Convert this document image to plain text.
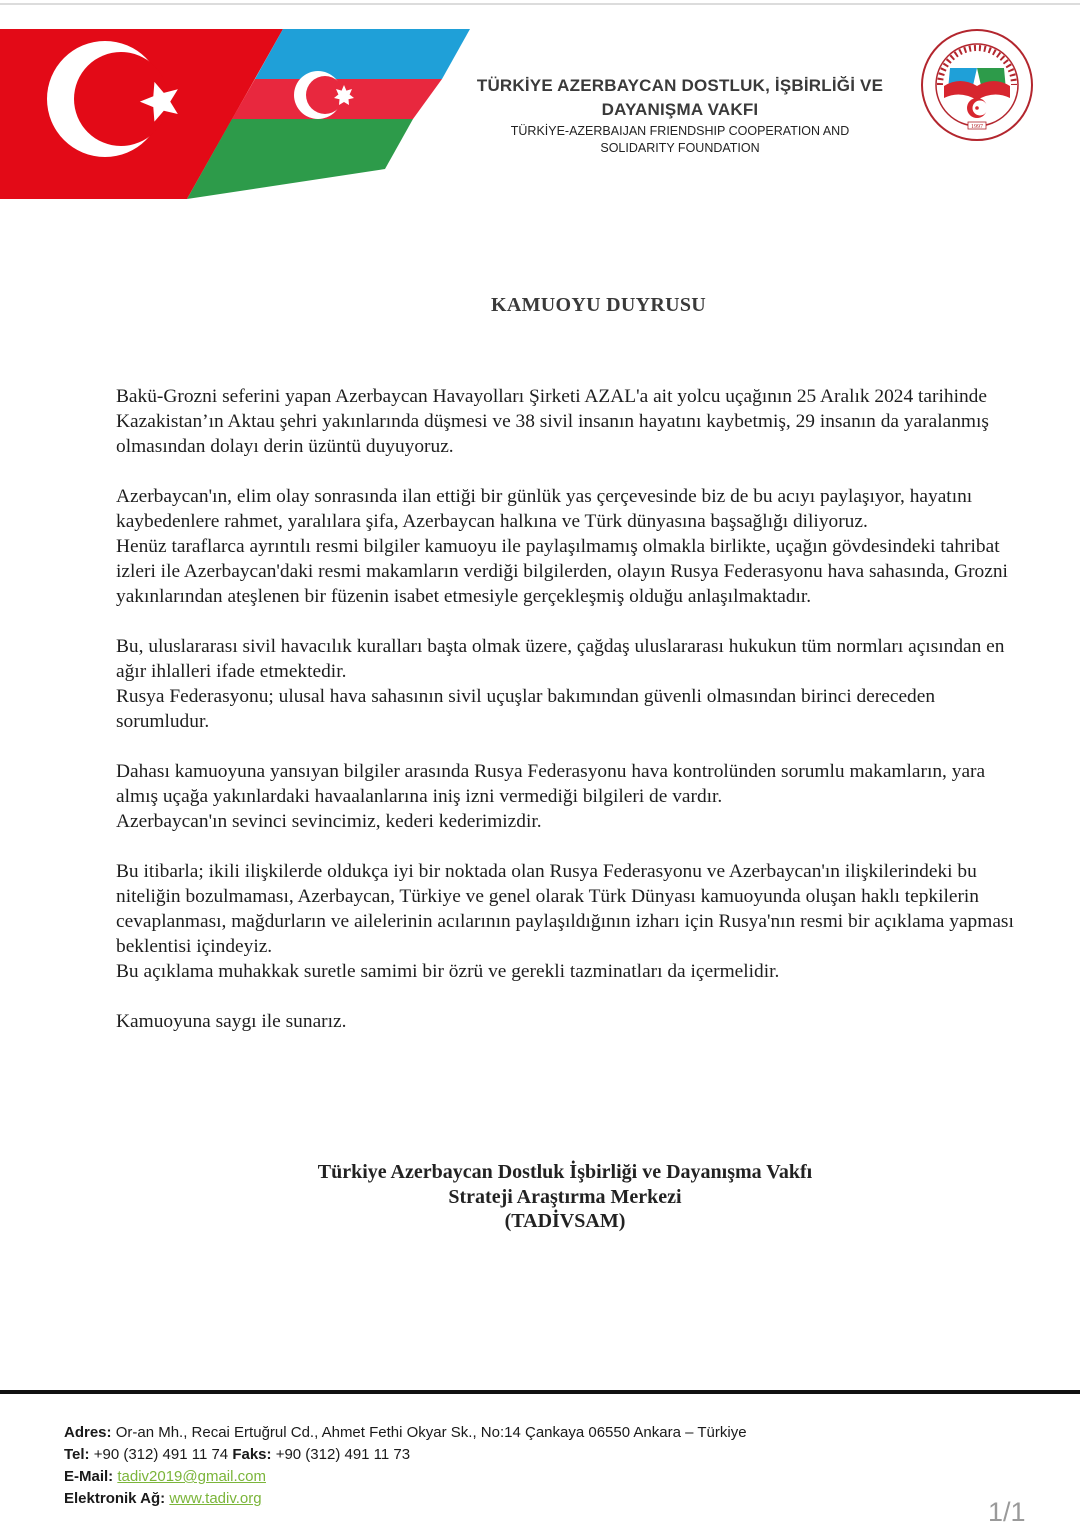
TÜRKİYE AZERBAYCAN DOSTLUK, İŞBİRLİĞİ VE
DAYANIŞMA VAKFI
TÜRKİYE-AZERBAIJAN FRIENDSHIP COOPERATION AND
SOLIDARITY FOUNDATION
1997
KAMUOYU DUYRUSU

Bakü-Grozni seferini yapan Azerbaycan Havayolları Şirketi AZAL'a ait yolcu uçağının 25 Aralık 2024 tarihinde Kazakistan’ın Aktau şehri yakınlarında düşmesi ve 38 sivil insanın hayatını kaybetmiş, 29 insanın da yaralanmış olmasından dolayı derin üzüntü duyuyoruz.

Azerbaycan'ın, elim olay sonrasında ilan ettiği bir günlük yas çerçevesinde biz de bu acıyı paylaşıyor, hayatını kaybedenlere rahmet, yaralılara şifa, Azerbaycan halkına ve Türk dünyasına başsağlığı diliyoruz.

Henüz taraflarca ayrıntılı resmi bilgiler kamuoyu ile paylaşılmamış olmakla birlikte, uçağın gövdesindeki tahribat izleri ile Azerbaycan'daki resmi makamların verdiği bilgilerden, olayın Rusya Federasyonu hava sahasında, Grozni yakınlarından ateşlenen bir füzenin isabet etmesiyle gerçekleşmiş olduğu anlaşılmaktadır.

Bu, uluslararası sivil havacılık kuralları başta olmak üzere, çağdaş uluslararası hukukun tüm normları açısından en ağır ihlalleri ifade etmektedir.

Rusya Federasyonu; ulusal hava sahasının sivil uçuşlar bakımından güvenli olmasından birinci dereceden sorumludur.

Dahası kamuoyuna yansıyan bilgiler arasında Rusya Federasyonu hava kontrolünden sorumlu makamların, yara almış uçağa yakınlardaki havaalanlarına iniş izni vermediği bilgileri de vardır.

Azerbaycan'ın sevinci sevincimiz, kederi kederimizdir.

Bu itibarla; ikili ilişkilerde oldukça iyi bir noktada olan Rusya Federasyonu ve Azerbaycan'ın ilişkilerindeki bu niteliğin bozulmaması, Azerbaycan, Türkiye ve genel olarak Türk Dünyası kamuoyunda oluşan haklı tepkilerin cevaplanması, mağdurların ve ailelerinin acılarının paylaşıldığının izharı için Rusya'nın resmi bir açıklama yapması beklentisi içindeyiz.

Bu açıklama muhakkak suretle samimi bir özrü ve gerekli tazminatları da içermelidir.

Kamuoyuna saygı ile sunarız.

Türkiye Azerbaycan Dostluk İşbirliği ve Dayanışma Vakfı
Strateji Araştırma Merkezi
(TADİVSAM)
Adres: Or-an Mh., Recai Ertuğrul Cd., Ahmet Fethi Okyar Sk., No:14 Çankaya 06550 Ankara – Türkiye
Tel: +90 (312) 491 11 74 Faks: +90 (312) 491 11 73
E-Mail: tadiv2019@gmail.com
Elektronik Ağ: www.tadiv.org	1/1
